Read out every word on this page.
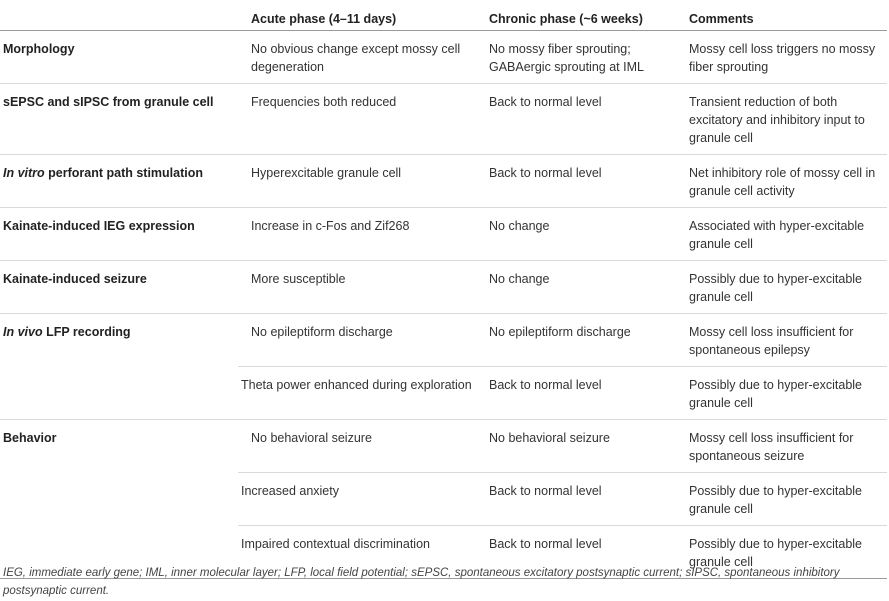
	Acute phase (4–11 days)	Chronic phase (~6 weeks)	Comments
Morphology	No obvious change except mossy cell degeneration	No mossy fiber sprouting; GABAergic sprouting at IML	Mossy cell loss triggers no mossy fiber sprouting
sEPSC and sIPSC from granule cell	Frequencies both reduced	Back to normal level	Transient reduction of both excitatory and inhibitory input to granule cell
In vitro perforant path stimulation	Hyperexcitable granule cell	Back to normal level	Net inhibitory role of mossy cell in granule cell activity
Kainate-induced IEG expression	Increase in c-Fos and Zif268	No change	Associated with hyper-excitable granule cell
Kainate-induced seizure	More susceptible	No change	Possibly due to hyper-excitable granule cell
In vivo LFP recording	No epileptiform discharge	No epileptiform discharge	Mossy cell loss insufficient for spontaneous epilepsy
	Theta power enhanced during exploration	Back to normal level	Possibly due to hyper-excitable granule cell
Behavior	No behavioral seizure	No behavioral seizure	Mossy cell loss insufficient for spontaneous seizure
	Increased anxiety	Back to normal level	Possibly due to hyper-excitable granule cell
	Impaired contextual discrimination	Back to normal level	Possibly due to hyper-excitable granule cell
IEG, immediate early gene; IML, inner molecular layer; LFP, local field potential; sEPSC, spontaneous excitatory postsynaptic current; sIPSC, spontaneous inhibitory postsynaptic current.
